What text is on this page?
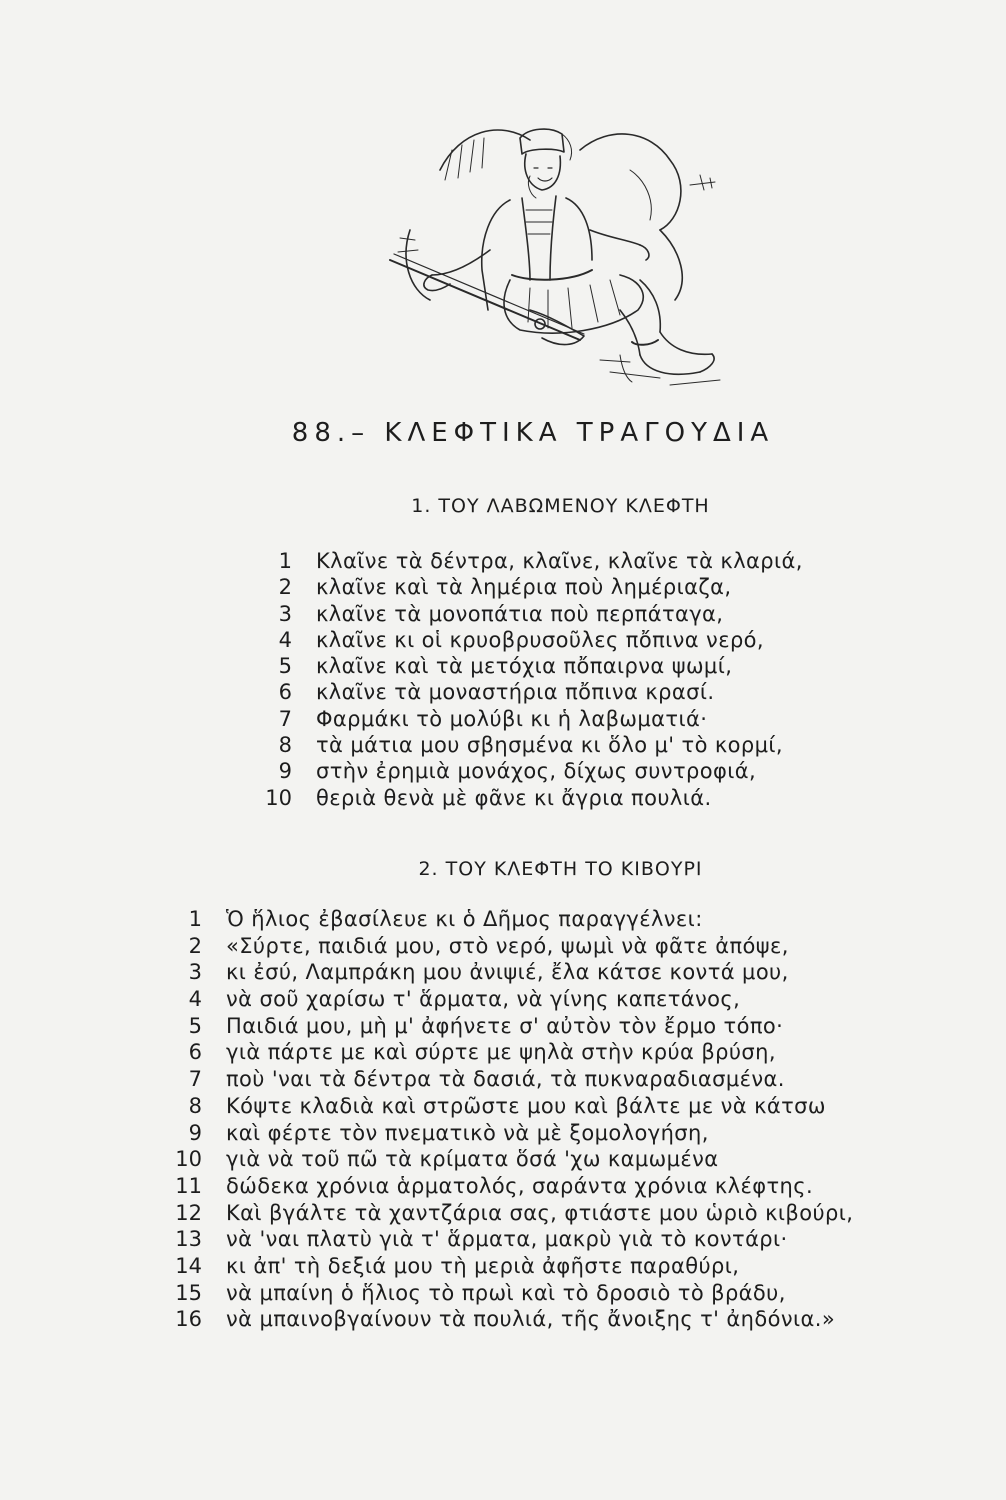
88.– ΚΛΕΦΤΙΚΑ ΤΡΑΓΟΥΔΙΑ
1. ΤΟΥ ΛΑΒΩΜΕΝΟΥ ΚΛΕΦΤΗ
1 Κλαῖνε τὰ δέντρα, κλαῖνε, κλαῖνε τὰ κλαριά,
2 κλαῖνε καὶ τὰ λημέρια ποὺ λημέριαζα,
3 κλαῖνε τὰ μονοπάτια ποὺ περπάταγα,
4 κλαῖνε κι οἱ κρυοβρυσοῦλες πὄπινα νερό,
5 κλαῖνε καὶ τὰ μετόχια πὄπαιρνα ψωμί,
6 κλαῖνε τὰ μοναστήρια πὄπινα κρασί.
7 Φαρμάκι τὸ μολύβι κι ἡ λαβωματιά·
8 τὰ μάτια μου σβησμένα κι ὅλο μ' τὸ κορμί,
9 στὴν ἐρημιὰ μονάχος, δίχως συντροφιά,
10 θεριὰ θενὰ μὲ φᾶνε κι ἄγρια πουλιά.
2. ΤΟΥ ΚΛΕΦΤΗ ΤΟ ΚΙΒΟΥΡΙ
1 Ὁ ἥλιος ἐβασίλευε κι ὁ Δῆμος παραγγέλνει:
2 «Σύρτε, παιδιά μου, στὸ νερό, ψωμὶ νὰ φᾶτε ἀπόψε,
3 κι ἐσύ, Λαμπράκη μου ἀνιψιέ, ἔλα κάτσε κοντά μου,
4 νὰ σοῦ χαρίσω τ' ἅρματα, νὰ γίνης καπετάνος,
5 Παιδιά μου, μὴ μ' ἀφήνετε σ' αὐτὸν τὸν ἔρμο τόπο·
6 γιὰ πάρτε με καὶ σύρτε με ψηλὰ στὴν κρύα βρύση,
7 ποὺ 'ναι τὰ δέντρα τὰ δασιά, τὰ πυκναραδιασμένα.
8 Κόψτε κλαδιὰ καὶ στρῶστε μου καὶ βάλτε με νὰ κάτσω
9 καὶ φέρτε τὸν πνεματικὸ νὰ μὲ ξομολογήση,
10 γιὰ νὰ τοῦ πῶ τὰ κρίματα ὅσά 'χω καμωμένα
11 δώδεκα χρόνια ἁρματολός, σαράντα χρόνια κλέφτης.
12 Καὶ βγάλτε τὰ χαντζάρια σας, φτιάστε μου ὡριὸ κιβούρι,
13 νὰ 'ναι πλατὺ γιὰ τ' ἅρματα, μακρὺ γιὰ τὸ κοντάρι·
14 κι ἀπ' τὴ δεξιά μου τὴ μεριὰ ἀφῆστε παραθύρι,
15 νὰ μπαίνη ὁ ἥλιος τὸ πρωὶ καὶ τὸ δροσιὸ τὸ βράδυ,
16 νὰ μπαινοβγαίνουν τὰ πουλιά, τῆς ἄνοιξης τ' ἀηδόνια.»
